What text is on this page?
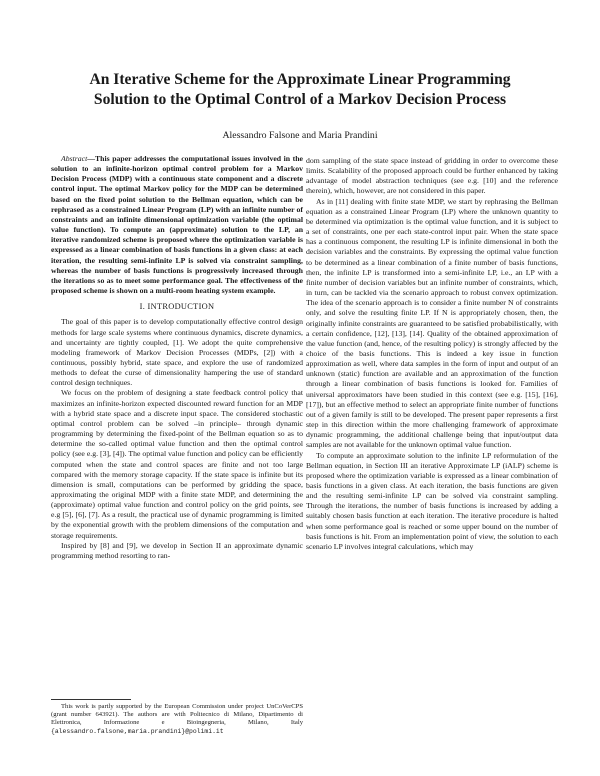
An Iterative Scheme for the Approximate Linear Programming
Solution to the Optimal Control of a Markov Decision Process
Alessandro Falsone and Maria Prandini

Abstract—This paper addresses the computational issues involved in the solution to an infinite-horizon optimal control problem for a Markov Decision Process (MDP) with a continuous state component and a discrete control input. The optimal Markov policy for the MDP can be determined based on the fixed point solution to the Bellman equation, which can be rephrased as a constrained Linear Program (LP) with an infinite number of constraints and an infinite dimensional optimization variable (the optimal value function). To compute an (approximate) solution to the LP, an iterative randomized scheme is proposed where the optimization variable is expressed as a linear combination of basis functions in a given class: at each iteration, the resulting semi-infinite LP is solved via constraint sampling, whereas the number of basis functions is progressively increased through the iterations so as to meet some performance goal. The effectiveness of the proposed scheme is shown on a multi-room heating system example.

I. INTRODUCTION

The goal of this paper is to develop computationally effective control design methods for large scale systems where continuous dynamics, discrete dynamics, and uncertainty are tightly coupled, [1]. We adopt the quite comprehensive modeling framework of Markov Decision Processes (MDPs, [2]) with a continuous, possibly hybrid, state space, and explore the use of randomized methods to defeat the curse of dimensionality hampering the use of standard control design techniques.

We focus on the problem of designing a state feedback control policy that maximizes an infinite-horizon expected discounted reward function for an MDP with a hybrid state space and a discrete input space. The considered stochastic optimal control problem can be solved –in principle– through dynamic programming by determining the fixed-point of the Bellman equation so as to determine the so-called optimal value function and then the optimal control policy (see e.g. [3], [4]). The optimal value function and policy can be efficiently computed when the state and control spaces are finite and not too large compared with the memory storage capacity. If the state space is infinite but its dimension is small, computations can be performed by gridding the space, approximating the original MDP with a finite state MDP, and determining the (approximate) optimal value function and control policy on the grid points, see e.g [5], [6], [7]. As a result, the practical use of dynamic programming is limited by the exponential growth with the problem dimensions of the computation and storage requirements.

Inspired by [8] and [9], we develop in Section II an approximate dynamic programming method resorting to ran-

This work is partly supported by the European Commission under project UnCoVerCPS (grant number 643921). The authors are with Politecnico di Milano, Dipartimento di Elettronica, Informazione e Bioingegneria, Milano, Italy {alessandro.falsone,maria.prandini}@polimi.it

dom sampling of the state space instead of gridding in order to overcome these limits. Scalability of the proposed approach could be further enhanced by taking advantage of model abstraction techniques (see e.g. [10] and the reference therein), which, however, are not considered in this paper.

As in [11] dealing with finite state MDP, we start by rephrasing the Bellman equation as a constrained Linear Program (LP) where the unknown quantity to be determined via optimization is the optimal value function, and it is subject to a set of constraints, one per each state-control input pair. When the state space has a continuous component, the resulting LP is infinite dimensional in both the decision variables and the constraints. By expressing the optimal value function to be determined as a linear combination of a finite number of basis functions, then, the infinite LP is transformed into a semi-infinite LP, i.e., an LP with a finite number of decision variables but an infinite number of constraints, which, in turn, can be tackled via the scenario approach to robust convex optimization. The idea of the scenario approach is to consider a finite number N of constraints only, and solve the resulting finite LP. If N is appropriately chosen, then, the originally infinite constraints are guaranteed to be satisfied probabilistically, with a certain confidence, [12], [13], [14]. Quality of the obtained approximation of the value function (and, hence, of the resulting policy) is strongly affected by the choice of the basis functions. This is indeed a key issue in function approximation as well, where data samples in the form of input and output of an unknown (static) function are available and an approximation of the function through a linear combination of basis functions is looked for. Families of universal approximators have been studied in this context (see e.g. [15], [16], [17]), but an effective method to select an appropriate finite number of functions out of a given family is still to be developed. The present paper represents a first step in this direction within the more challenging framework of approximate dynamic programming, the additional challenge being that input/output data samples are not available for the unknown optimal value function.

To compute an approximate solution to the infinite LP reformulation of the Bellman equation, in Section III an iterative Approximate LP (iALP) scheme is proposed where the optimization variable is expressed as a linear combination of basis functions in a given class. At each iteration, the basis functions are given and the resulting semi-infinite LP can be solved via constraint sampling. Through the iterations, the number of basis functions is increased by adding a suitably chosen basis function at each iteration. The iterative procedure is halted when some performance goal is reached or some upper bound on the number of basis functions is hit. From an implementation point of view, the solution to each scenario LP involves integral calculations, which may
